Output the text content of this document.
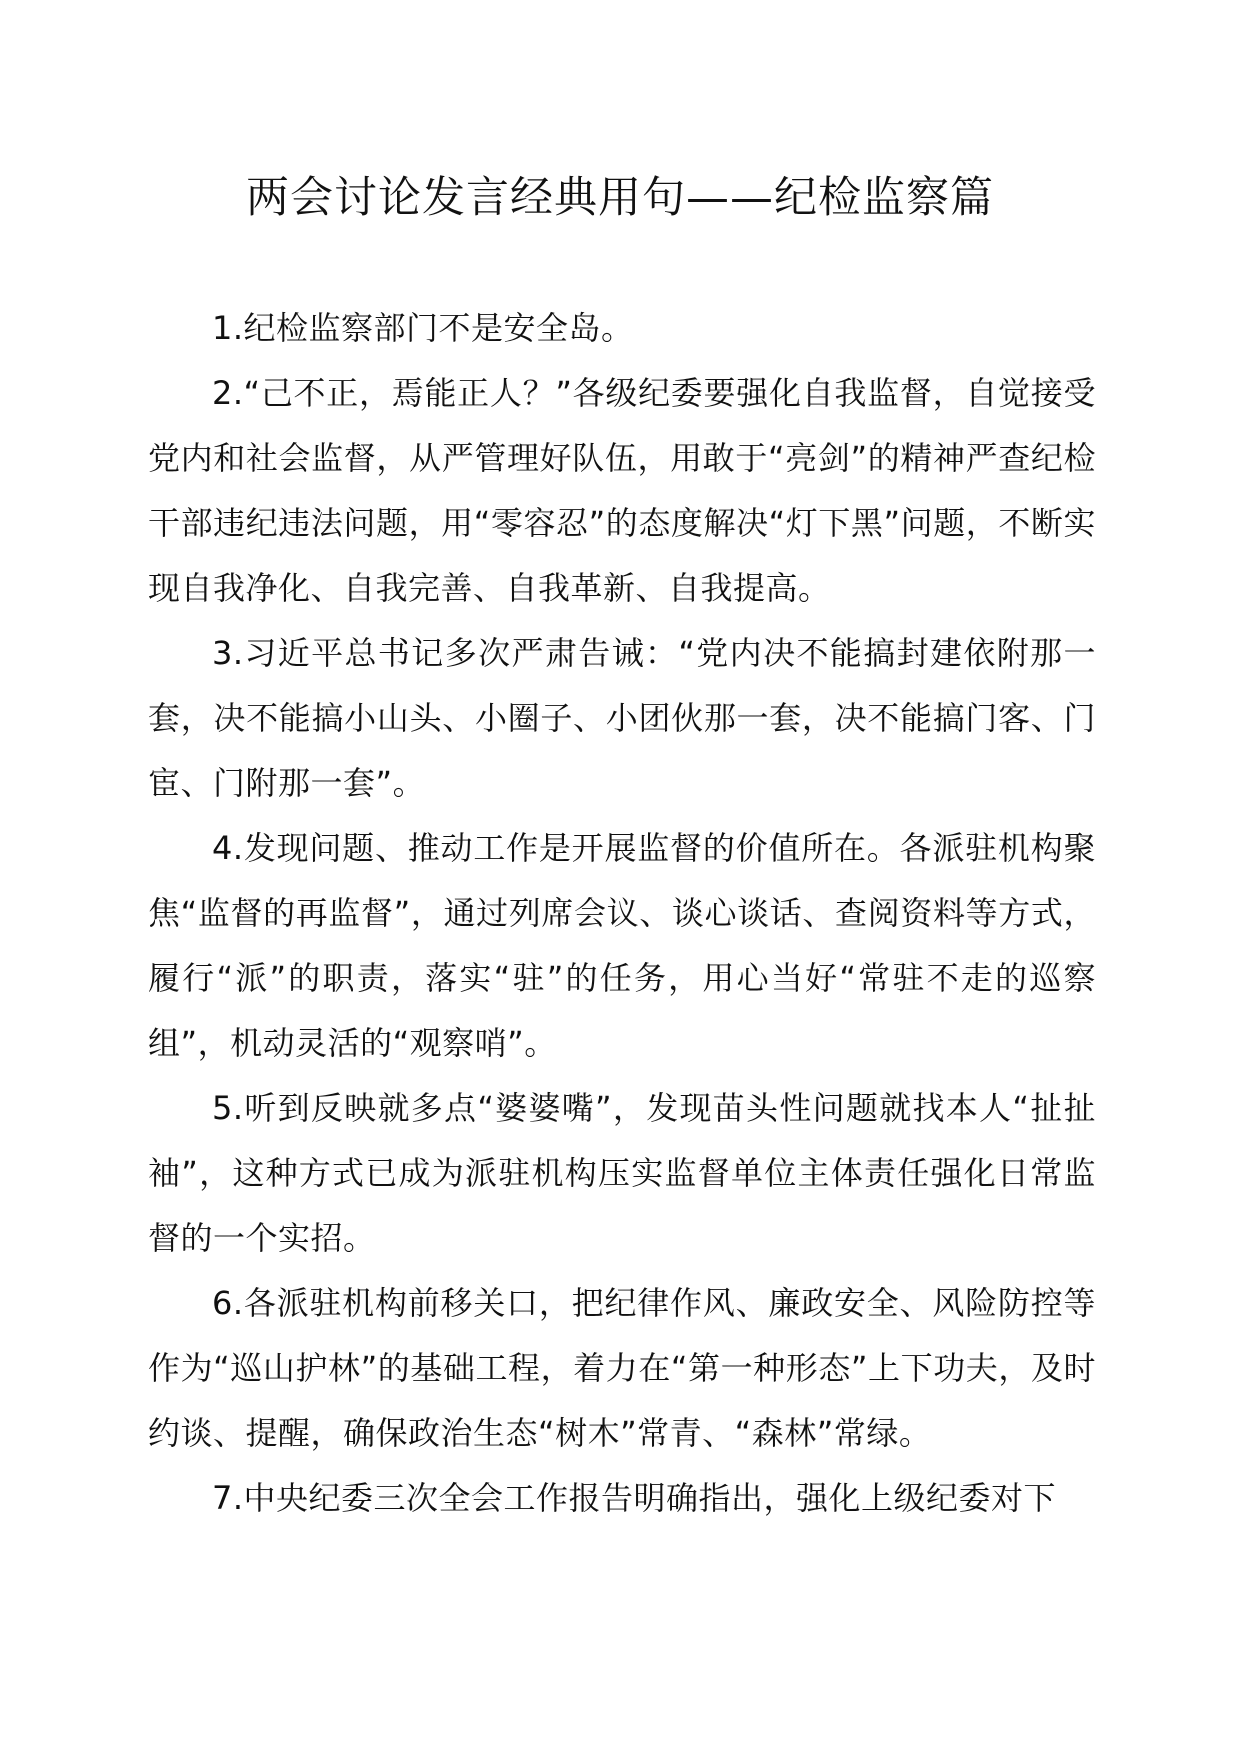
两会讨论发言经典用句——纪检监察篇

1.纪检监察部门不是安全岛。

2.“己不正，焉能正人？”各级纪委要强化自我监督，自觉接受党内和社会监督，从严管理好队伍，用敢于“亮剑”的精神严查纪检干部违纪违法问题，用“零容忍”的态度解决“灯下黑”问题，不断实现自我净化、自我完善、自我革新、自我提高。

3.习近平总书记多次严肃告诫：“党内决不能搞封建依附那一套，决不能搞小山头、小圈子、小团伙那一套，决不能搞门客、门宦、门附那一套”。

4.发现问题、推动工作是开展监督的价值所在。各派驻机构聚焦“监督的再监督”，通过列席会议、谈心谈话、查阅资料等方式，履行“派”的职责，落实“驻”的任务，用心当好“常驻不走的巡察组”，机动灵活的“观察哨”。

5.听到反映就多点“婆婆嘴”，发现苗头性问题就找本人“扯扯袖”，这种方式已成为派驻机构压实监督单位主体责任强化日常监督的一个实招。

6.各派驻机构前移关口，把纪律作风、廉政安全、风险防控等作为“巡山护林”的基础工程，着力在“第一种形态”上下功夫，及时约谈、提醒，确保政治生态“树木”常青、“森林”常绿。

7.中央纪委三次全会工作报告明确指出，强化上级纪委对下
